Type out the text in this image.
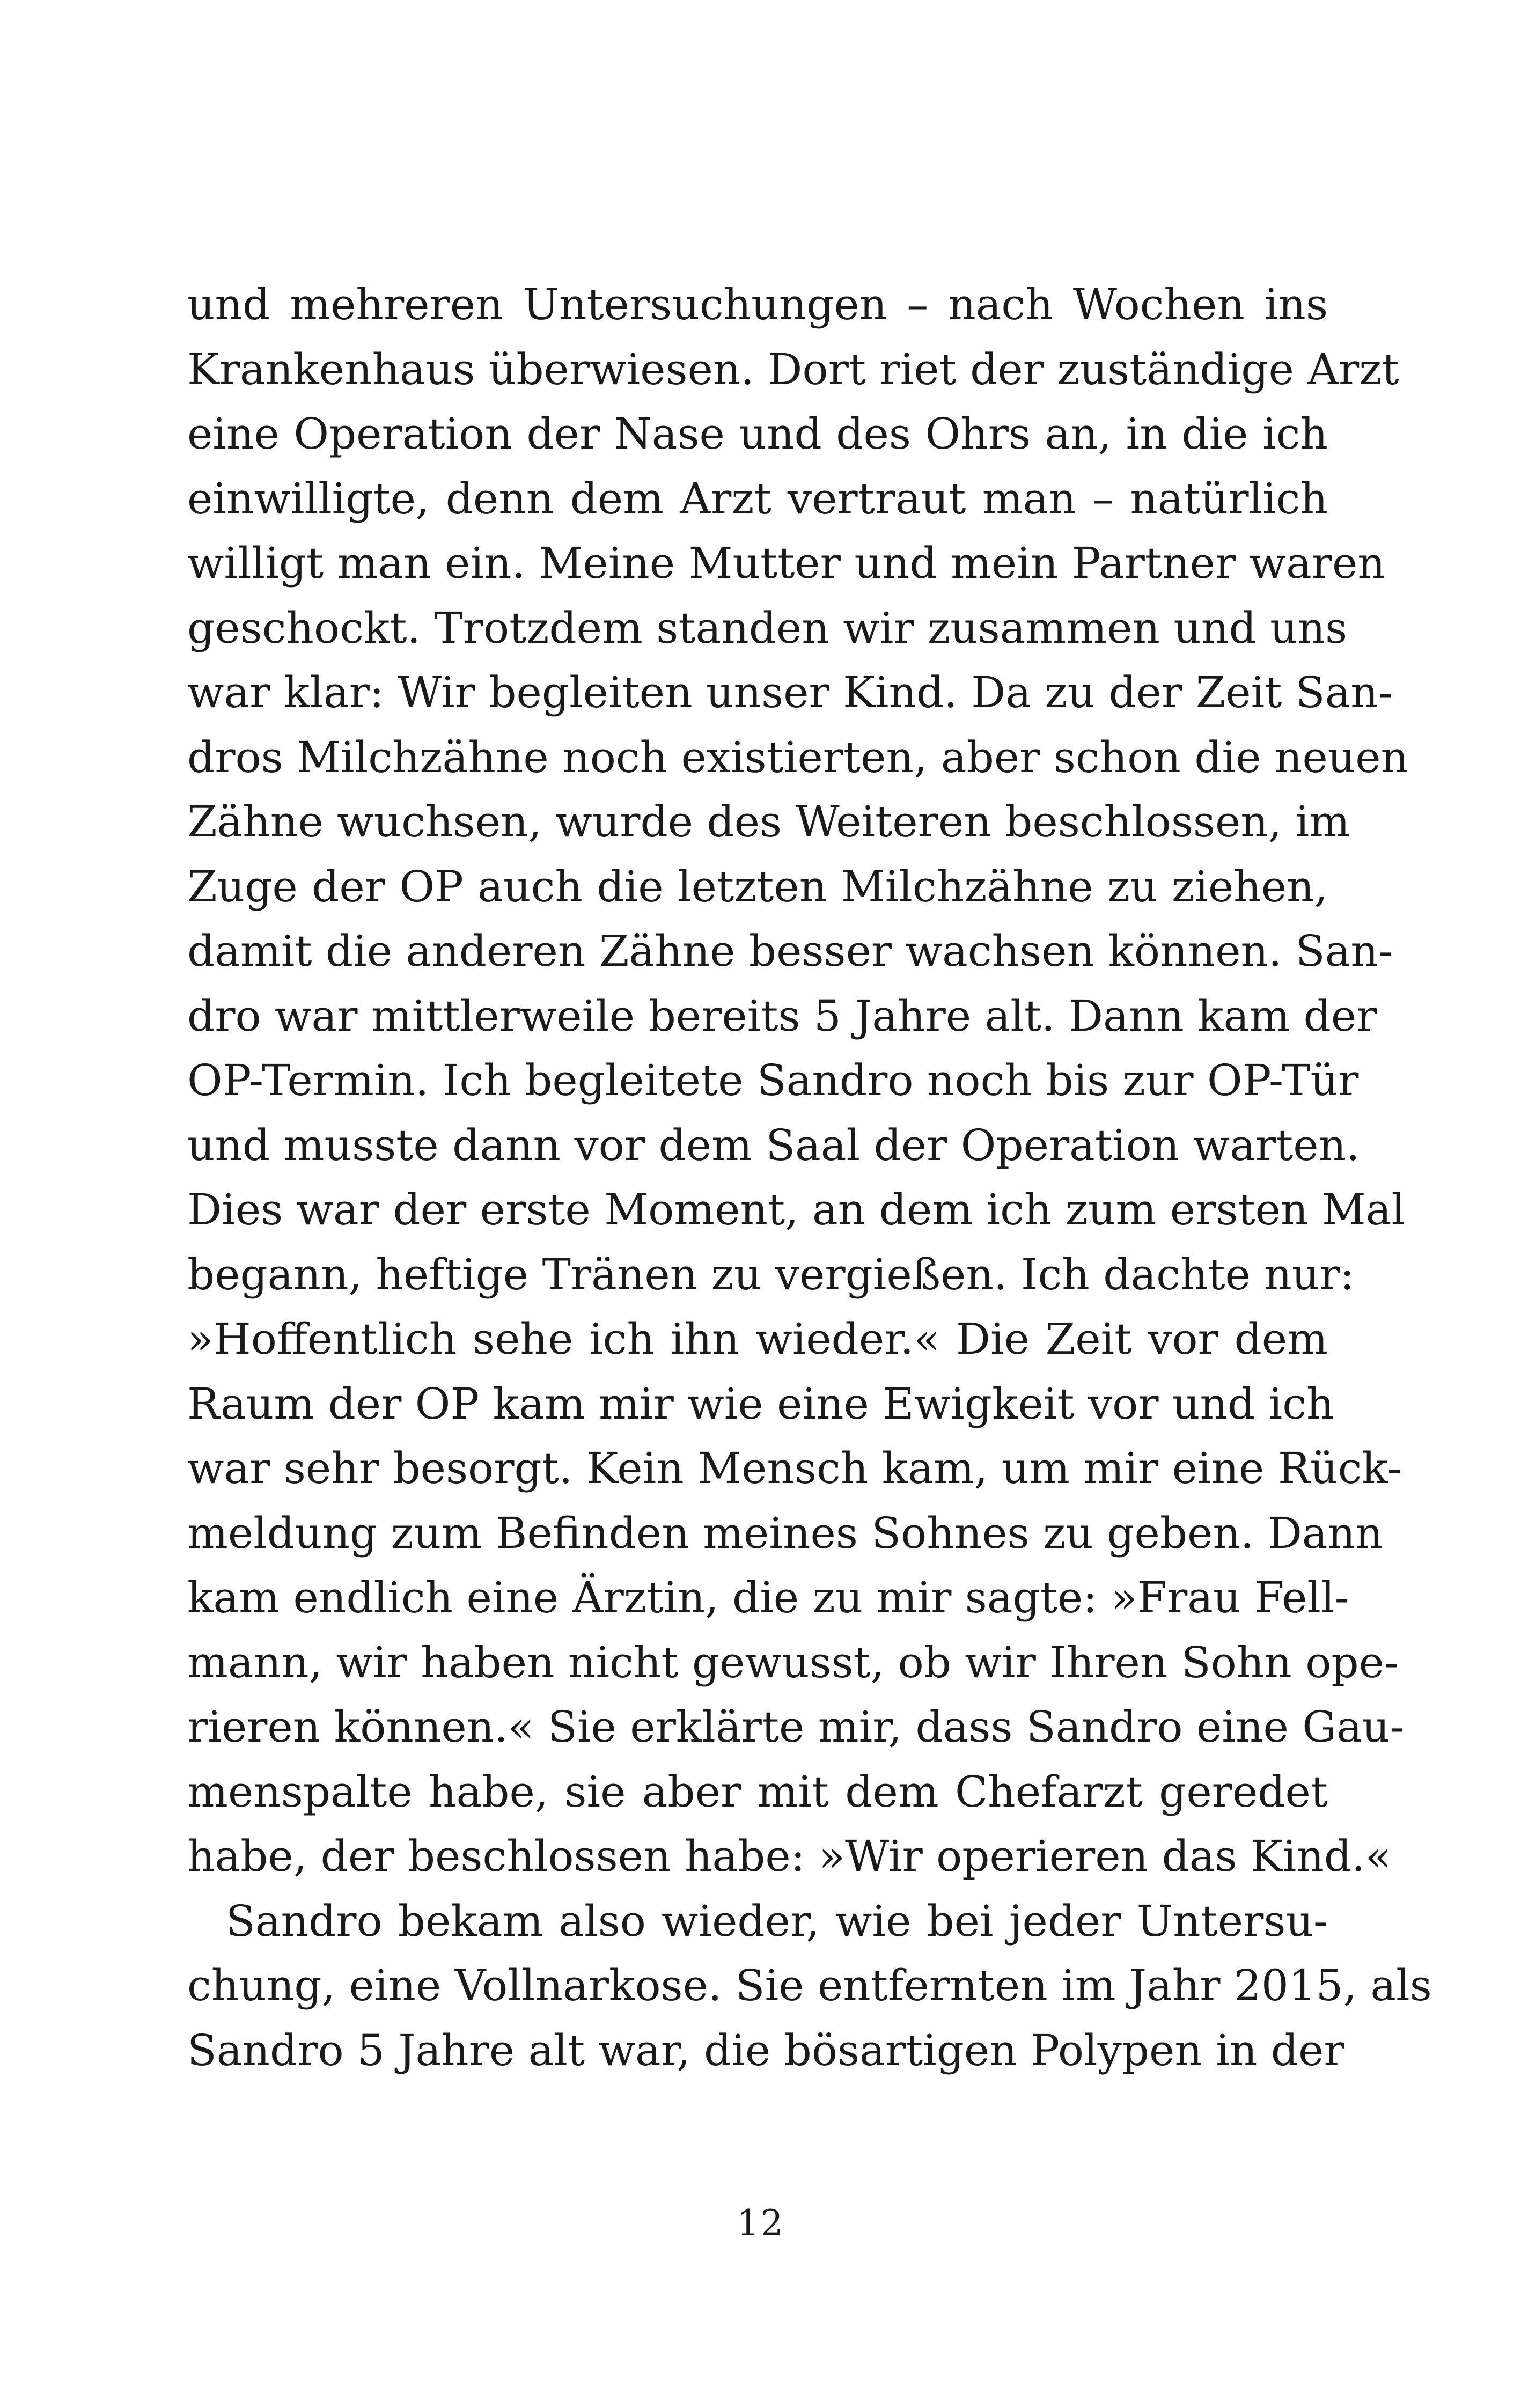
und mehreren Untersuchungen – nach Wochen ins
Krankenhaus überwiesen. Dort riet der zuständige Arzt
eine Operation der Nase und des Ohrs an, in die ich
einwilligte, denn dem Arzt vertraut man – natürlich
willigt man ein. Meine Mutter und mein Partner waren
geschockt. Trotzdem standen wir zusammen und uns
war klar: Wir begleiten unser Kind. Da zu der Zeit San-
dros Milchzähne noch existierten, aber schon die neuen
Zähne wuchsen, wurde des Weiteren beschlossen, im
Zuge der OP auch die letzten Milchzähne zu ziehen,
damit die anderen Zähne besser wachsen können. San-
dro war mittlerweile bereits 5 Jahre alt. Dann kam der
OP-Termin. Ich begleitete Sandro noch bis zur OP-Tür
und musste dann vor dem Saal der Operation warten.
Dies war der erste Moment, an dem ich zum ersten Mal
begann, heftige Tränen zu vergießen. Ich dachte nur:
»Hoffentlich sehe ich ihn wieder.« Die Zeit vor dem
Raum der OP kam mir wie eine Ewigkeit vor und ich
war sehr besorgt. Kein Mensch kam, um mir eine Rück-
meldung zum Befinden meines Sohnes zu geben. Dann
kam endlich eine Ärztin, die zu mir sagte: »Frau Fell-
mann, wir haben nicht gewusst, ob wir Ihren Sohn ope-
rieren können.« Sie erklärte mir, dass Sandro eine Gau-
menspalte habe, sie aber mit dem Chefarzt geredet
habe, der beschlossen habe: »Wir operieren das Kind.«
Sandro bekam also wieder, wie bei jeder Untersu-
chung, eine Vollnarkose. Sie entfernten im Jahr 2015, als
Sandro 5 Jahre alt war, die bösartigen Polypen in der
12
